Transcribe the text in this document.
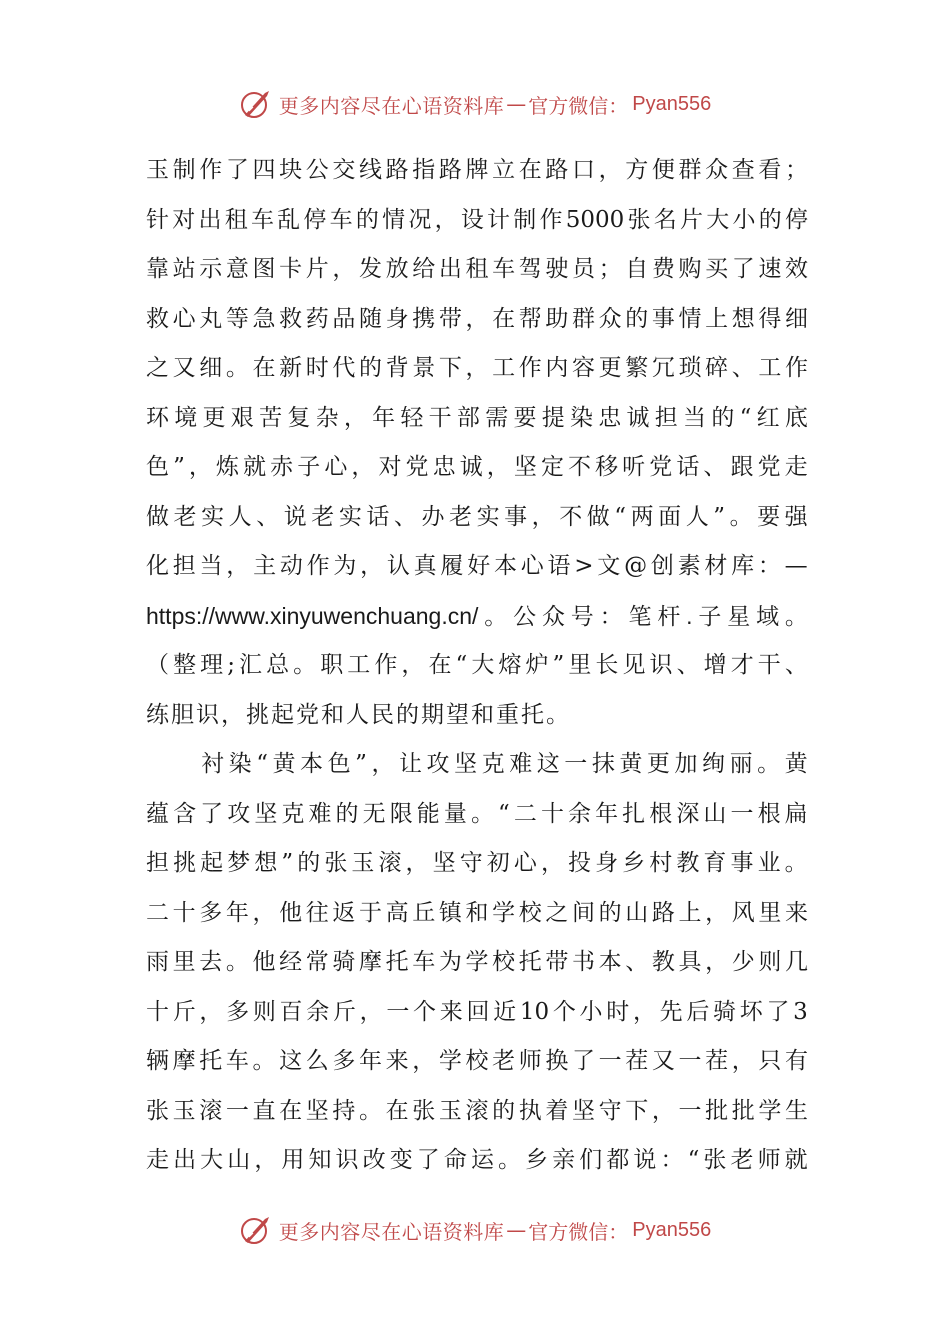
更多内容尽在心语资料库 — 官方微信： Pyan556
玉 制 作 了 四 块 公 交 线 路 指 路 牌 立 在 路 口 ， 方 便 群 众 查 看 ；
针 对 出 租 车 乱 停 车 的 情 况 ， 设 计 制 作 5000 张 名 片 大 小 的 停
靠 站 示 意 图 卡 片 ， 发 放 给 出 租 车 驾 驶 员 ； 自 费 购 买 了 速 效
救 心 丸 等 急 救 药 品 随 身 携 带 ， 在 帮 助 群 众 的 事 情 上 想 得 细
之 又 细 。 在 新 时 代 的 背 景 下 ， 工 作 内 容 更 繁 冗 琐 碎 、 工 作
环 境 更 艰 苦 复 杂 ， 年 轻 干 部 需 要 提 染 忠 诚 担 当 的 “ 红 底
色 ” ， 炼 就 赤 子 心 ， 对 党 忠 诚 ， 坚 定 不 移 听 党 话 、 跟 党 走
做 老 实 人 、 说 老 实 话 、 办 老 实 事 ， 不 做 “ 两 面 人 ” 。 要 强
化 担 当 ， 主 动 作 为 ， 认 真 履 好 本 心 语 > 文 @ 创 素 材 库 ： —
https://www.xinyuwenchuang.cn/ 。 公 众 号 ： 笔 杆 . 子 星 域 。
（ 整 理 ; 汇 总 。 职 工 作 ， 在 “ 大 熔 炉 ” 里 长 见 识 、 增 才 干 、
练胆识，挑起党和人民的期望和重托。

衬 染 “ 黄 本 色 ” ， 让 攻 坚 克 难 这 一 抹 黄 更 加 绚 丽 。 黄
蕴 含 了 攻 坚 克 难 的 无 限 能 量 。 “ 二 十 余 年 扎 根 深 山 一 根 扁
担 挑 起 梦 想 ” 的 张 玉 滚 ， 坚 守 初 心 ， 投 身 乡 村 教 育 事 业 。
二 十 多 年 ， 他 往 返 于 高 丘 镇 和 学 校 之 间 的 山 路 上 ， 风 里 来
雨 里 去 。 他 经 常 骑 摩 托 车 为 学 校 托 带 书 本 、 教 具 ， 少 则 几
十 斤 ， 多 则 百 余 斤 ， 一 个 来 回 近 10 个 小 时 ， 先 后 骑 坏 了 3
辆 摩 托 车 。 这 么 多 年 来 ， 学 校 老 师 换 了 一 茬 又 一 茬 ， 只 有
张 玉 滚 一 直 在 坚 持 。 在 张 玉 滚 的 执 着 坚 守 下 ， 一 批 批 学 生
走 出 大 山 ， 用 知 识 改 变 了 命 运 。 乡 亲 们 都 说 ： “ 张 老 师 就
更多内容尽在心语资料库 — 官方微信： Pyan556
